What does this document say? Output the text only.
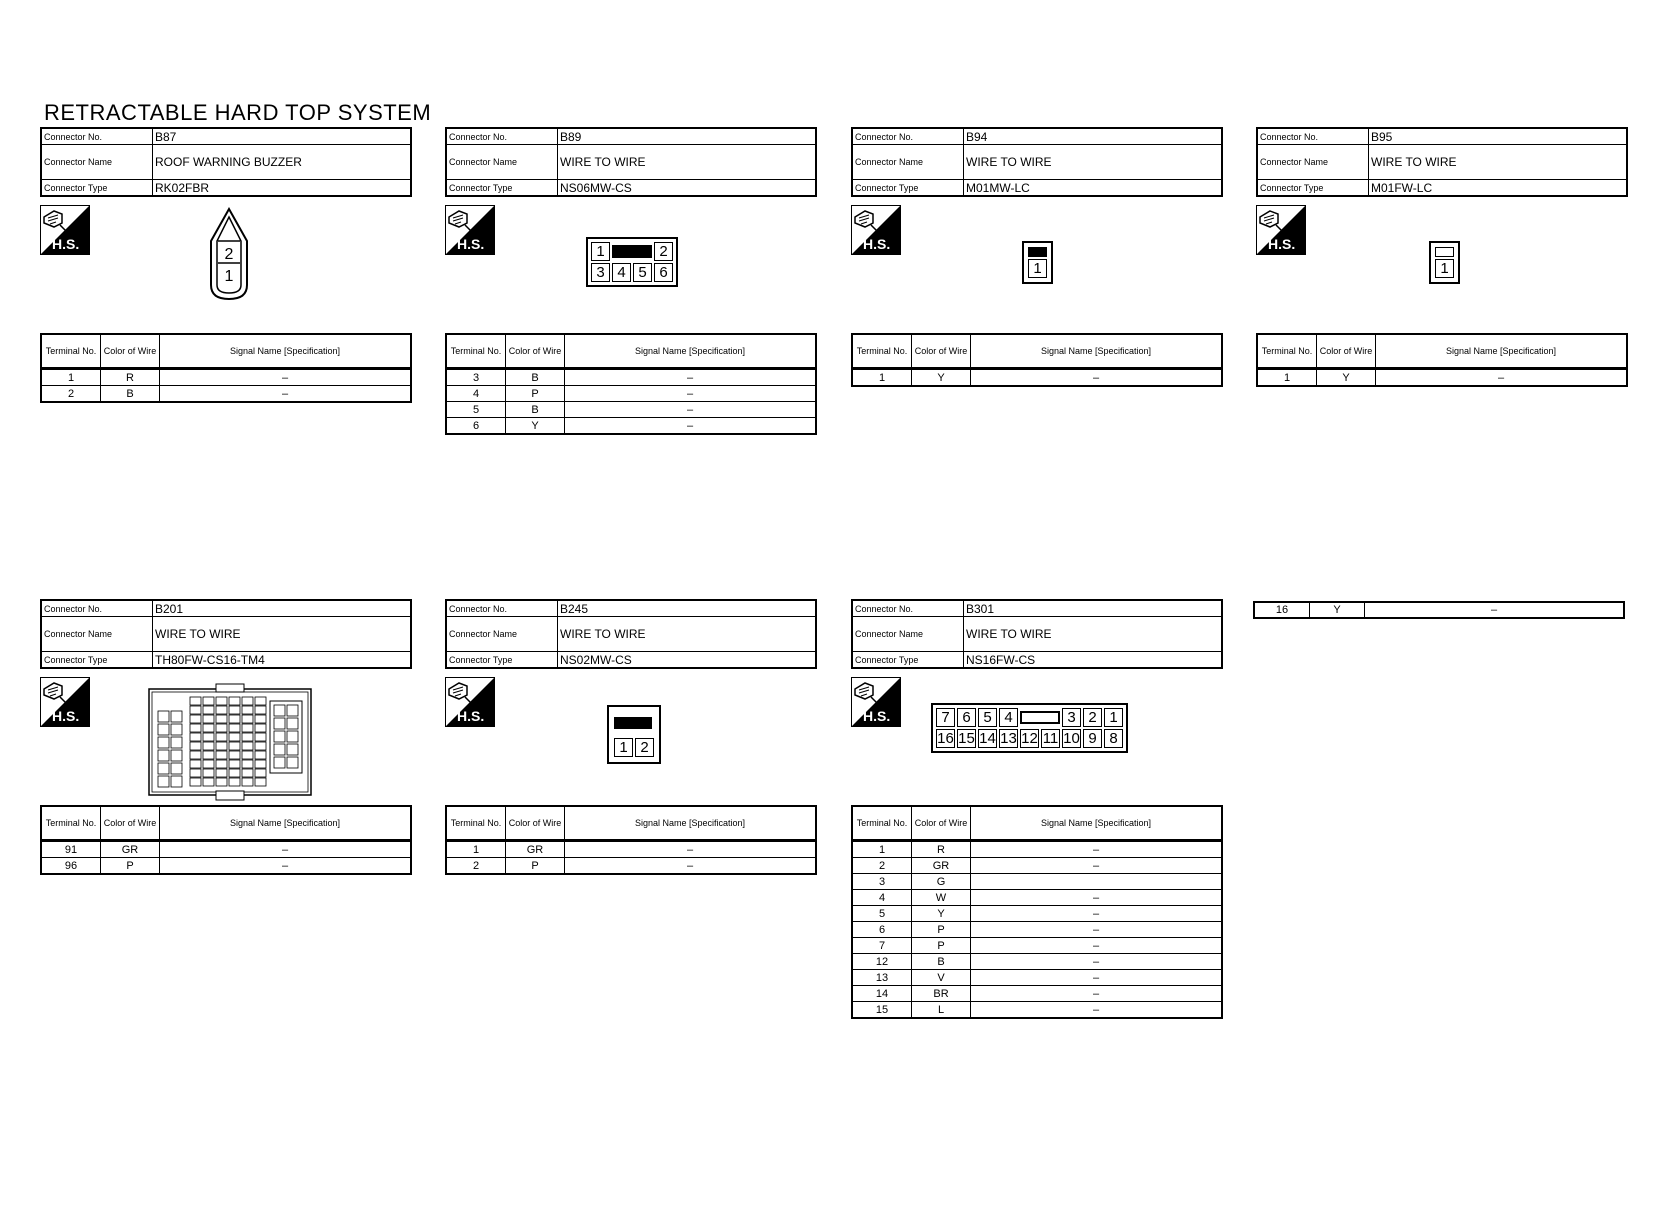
RETRACTABLE HARD TOP SYSTEM
Connector No.	B87
Connector Name	ROOF WARNING BUZZER
Connector Type	RK02FBR
H.S.
2
1
Terminal No.	Color of Wire	Signal Name [Specification]
1	R	–
2	B	–
Connector No.	B89
Connector Name	WIRE TO WIRE
Connector Type	NS06MW-CS
H.S.	1	2
3 4 5 6
Terminal No.	Color of Wire	Signal Name [Specification]
3	B	–
4	P	–
5	B	–
6	Y	–
Connector No.	B94
Connector Name	WIRE TO WIRE
Connector Type	M01MW-LC
H.S.
1
Terminal No.	Color of Wire	Signal Name [Specification]
1	Y	–
Connector No.	B95
Connector Name	WIRE TO WIRE
Connector Type	M01FW-LC
H.S.
1
Terminal No.	Color of Wire	Signal Name [Specification]
1	Y	–
Connector No.	B201
Connector Name	WIRE TO WIRE
Connector Type	TH80FW-CS16-TM4
H.S.
Terminal No.	Color of Wire	Signal Name [Specification]
91	GR	–
96	P	–
Connector No.	B245
Connector Name	WIRE TO WIRE
Connector Type	NS02MW-CS
H.S.
1 2
Terminal No.	Color of Wire	Signal Name [Specification]
1	GR	–
2	P	–
Connector No.	B301
Connector Name	WIRE TO WIRE
Connector Type	NS16FW-CS
H.S.	7 6 5 4	3 2 1
16 15 14 13 12 11 10 9 8
Terminal No.	Color of Wire	Signal Name [Specification]
1	R	–
2	GR	–
3	G	
4	W	–
5	Y	–
6	P	–
7	P	–
12	B	–
13	V	–
14	BR	–
15	L	–
16	Y	–
